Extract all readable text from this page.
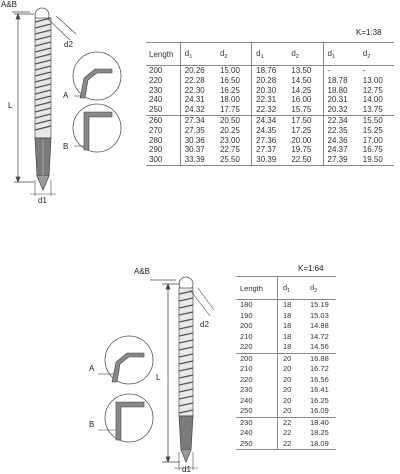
A&B
d2
L
A
B
d1
K=1:38
Length	$d_1$	$d_2$	$d_1$	$d_2$	$d_1$	$d_2$
200	20.26	15.00	18.76	13.50	-	-
220	22.28	16.50	20.28	14.50	18.78	13.00
230	22.30	16.25	20.30	14.25	18.80	12.75
240	24.31	18.00	22.31	16.00	20.31	14.00
250	24.32	17.75	22.32	15.75	20.32	13.75
260	27.34	20.50	24.34	17.50	22.34	15.50
270	27.35	20.25	24.35	17.25	22.35	15.25
280	30.36	23.00	27.36	20.00	24.36	17.00
290	30.37	22.75	27.37	19.75	24.37	16.75
300	33.39	25.50	30.39	22.50	27.39	19.50
A&B
d2
L
A
B
d1
K=1:64
Length	$d_1$	$d_2$
180	18	15.19
190	18	15.03
200	18	14.88
210	18	14.72
220	18	14.56
200	20	16.88
210	20	16.72
220	20	16.56
230	20	16.41
240	20	16.25
250	20	16.09
230	22	18.40
240	22	18.25
250	22	18.09
